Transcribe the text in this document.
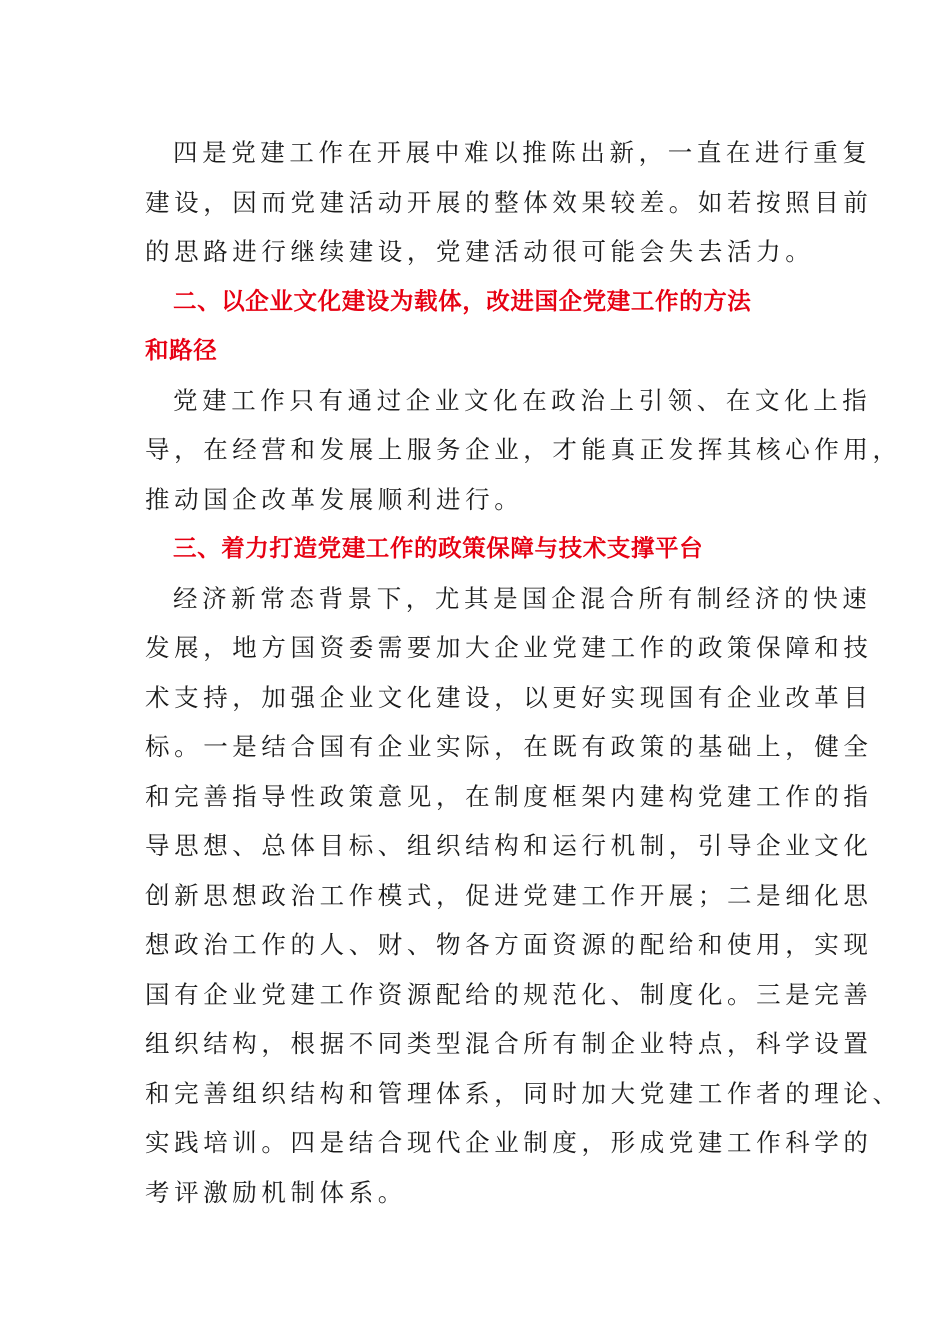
四是党建工作在开展中难以推陈出新，一直在进行重复
建设，因而党建活动开展的整体效果较差。如若按照目前
的思路进行继续建设，党建活动很可能会失去活力。
二、以企业文化建设为载体，改进国企党建工作的方法
和路径
党建工作只有通过企业文化在政治上引领、在文化上指
导，在经营和发展上服务企业，才能真正发挥其核心作用，
推动国企改革发展顺利进行。
三、着力打造党建工作的政策保障与技术支撑平台
经济新常态背景下，尤其是国企混合所有制经济的快速
发展，地方国资委需要加大企业党建工作的政策保障和技
术支持，加强企业文化建设，以更好实现国有企业改革目
标。一是结合国有企业实际，在既有政策的基础上，健全
和完善指导性政策意见，在制度框架内建构党建工作的指
导思想、总体目标、组织结构和运行机制，引导企业文化
创新思想政治工作模式，促进党建工作开展；二是细化思
想政治工作的人、财、物各方面资源的配给和使用，实现
国有企业党建工作资源配给的规范化、制度化。三是完善
组织结构，根据不同类型混合所有制企业特点，科学设置
和完善组织结构和管理体系，同时加大党建工作者的理论、
实践培训。四是结合现代企业制度，形成党建工作科学的
考评激励机制体系。
